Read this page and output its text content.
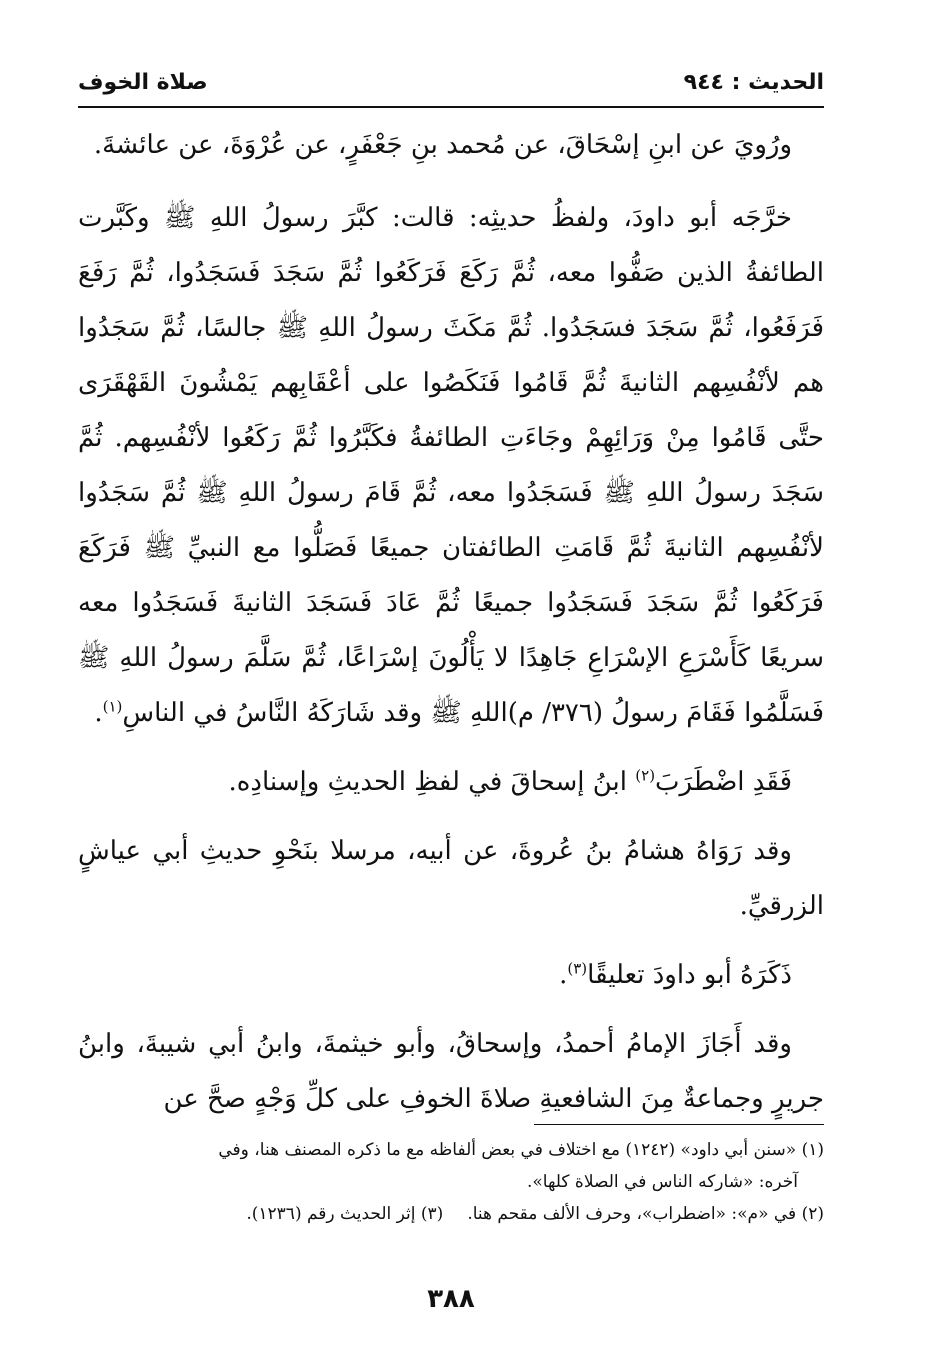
الحديث : ٩٤٤
صلاة الخوف

ورُويَ عن ابنِ إسْحَاقَ، عن مُحمد بنِ جَعْفَرٍ، عن عُرْوَةَ، عن عائشةَ.

خرَّجَه أبو داودَ، ولفظُ حديثِه: قالت: كبَّرَ رسولُ اللهِ ﷺ وكَبَّرت الطائفةُ الذين صَفُّوا معه، ثُمَّ رَكَعَ فَرَكَعُوا ثُمَّ سَجَدَ فَسَجَدُوا، ثُمَّ رَفَعَ فَرَفَعُوا، ثُمَّ سَجَدَ فسَجَدُوا. ثُمَّ مَكَثَ رسولُ اللهِ ﷺ جالسًا، ثُمَّ سَجَدُوا هم لأنْفُسِهم الثانيةَ ثُمَّ قَامُوا فَنَكَصُوا على أعْقَابِهم يَمْشُونَ القَهْقَرَى حتَّى قَامُوا مِنْ وَرَائِهِمْ وجَاءَتِ الطائفةُ فكَبَّرُوا ثُمَّ رَكَعُوا لأنْفُسِهم. ثُمَّ سَجَدَ رسولُ اللهِ ﷺ فَسَجَدُوا معه، ثُمَّ قَامَ رسولُ اللهِ ﷺ ثُمَّ سَجَدُوا لأنْفُسِهم الثانيةَ ثُمَّ قَامَتِ الطائفتان جميعًا فَصَلُّوا مع النبيِّ ﷺ فَرَكَعَ فَرَكَعُوا ثُمَّ سَجَدَ فَسَجَدُوا جميعًا ثُمَّ عَادَ فَسَجَدَ الثانيةَ فَسَجَدُوا معه سريعًا كَأَسْرَعِ الإسْرَاعِ جَاهِدًا لا يَأْلُونَ إسْرَاعًا، ثُمَّ سَلَّمَ رسولُ اللهِ ﷺ فَسَلَّمُوا فَقَامَ رسولُ (٣٧٦/ م)اللهِ ﷺ وقد شَارَكَهُ النَّاسُ في الناسِ$^{(١)}$.

فَقَدِ اضْطَرَبَ$^{(٢)}$ ابنُ إسحاقَ في لفظِ الحديثِ وإسنادِه.

وقد رَوَاهُ هشامُ بنُ عُروةَ، عن أبيه، مرسلا بنَحْوِ حديثِ أبي عياشٍ الزرقيِّ.

ذَكَرَهُ أبو داودَ تعليقًا$^{(٣)}$.

وقد أَجَازَ الإمامُ أحمدُ، وإسحاقُ، وأبو خيثمةَ، وابنُ أبي شيبةَ، وابنُ جريرٍ وجماعةٌ مِنَ الشافعيةِ صلاةَ الخوفِ على كلِّ وَجْهٍ صحَّ عن

(١) «سنن أبي داود» (١٢٤٢) مع اختلاف في بعض ألفاظه مع ما ذكره المصنف هنا، وفي

آخره: «شاركه الناس في الصلاة كلها».

(٢) في «م»: «اضطراب»، وحرف الألف مقحم هنا.(٣) إثر الحديث رقم (١٢٣٦).

٣٨٨
